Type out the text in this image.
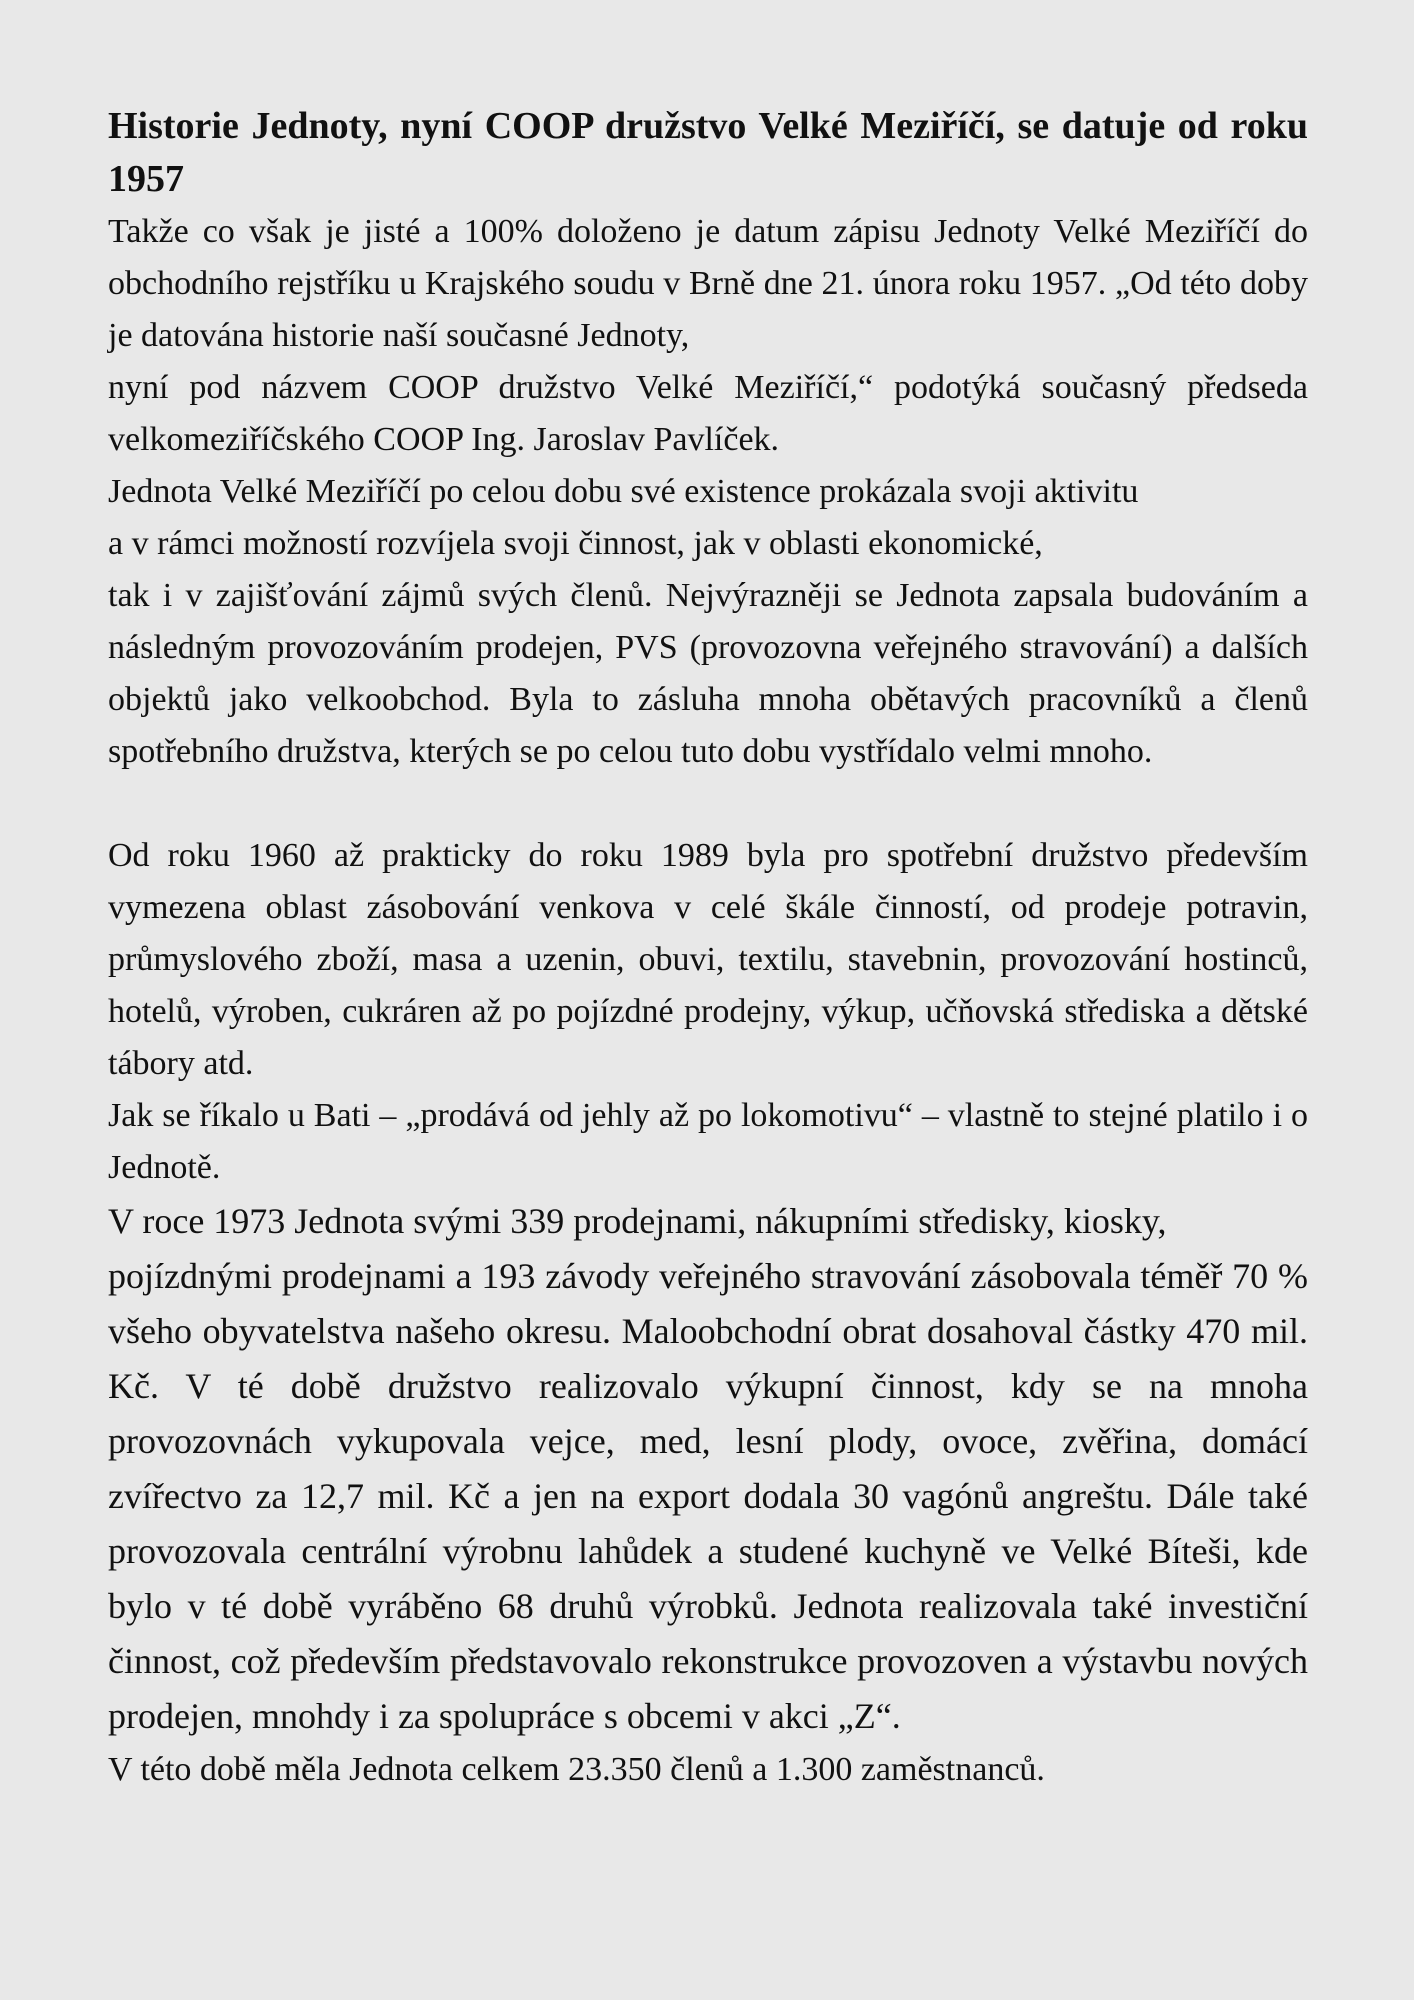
Historie Jednoty, nyní COOP družstvo Velké Meziříčí, se datuje od roku 1957

Takže co však je jisté a 100% doloženo je datum zápisu Jednoty Velké Meziříčí do obchodního rejstříku u Krajského soudu v Brně dne 21. února roku 1957. „Od této doby je datována historie naší současné Jednoty,

nyní pod názvem COOP družstvo Velké Meziříčí,“ podotýká současný předseda velkomeziříčského COOP Ing. Jaroslav Pavlíček.

Jednota Velké Meziříčí po celou dobu své existence prokázala svoji aktivitu

a v rámci možností rozvíjela svoji činnost, jak v oblasti ekonomické,

tak i v zajišťování zájmů svých členů. Nejvýrazněji se Jednota zapsala budováním a následným provozováním prodejen, PVS (provozovna veřejného stravování) a dalších objektů jako velkoobchod. Byla to zásluha mnoha obětavých pracovníků a členů spotřebního družstva, kterých se po celou tuto dobu vystřídalo velmi mnoho.

Od roku 1960 až prakticky do roku 1989 byla pro spotřební družstvo především vymezena oblast zásobování venkova v celé škále činností, od prodeje potravin, průmyslového zboží, masa a uzenin, obuvi, textilu, stavebnin, provozování hostinců, hotelů, výroben, cukráren až po pojízdné prodejny, výkup, učňovská střediska a dětské tábory atd.

Jak se říkalo u Bati – „prodává od jehly až po lokomotivu“ – vlastně to stejné platilo i o Jednotě.

V roce 1973 Jednota svými 339 prodejnami, nákupními středisky, kiosky,

pojízdnými prodejnami a 193 závody veřejného stravování zásobovala téměř 70 % všeho obyvatelstva našeho okresu. Maloobchodní obrat dosahoval částky 470 mil. Kč. V té době družstvo realizovalo výkupní činnost, kdy se na mnoha provozovnách vykupovala vejce, med, lesní plody, ovoce, zvěřina, domácí zvířectvo za 12,7 mil. Kč a jen na export dodala 30 vagónů angreštu. Dále také provozovala centrální výrobnu lahůdek a studené kuchyně ve Velké Bíteši, kde bylo v té době vyráběno 68 druhů výrobků. Jednota realizovala také investiční činnost, což především představovalo rekonstrukce provozoven a výstavbu nových prodejen, mnohdy i za spolupráce s obcemi v akci „Z“.

V této době měla Jednota celkem 23.350 členů a 1.300 zaměstnanců.
